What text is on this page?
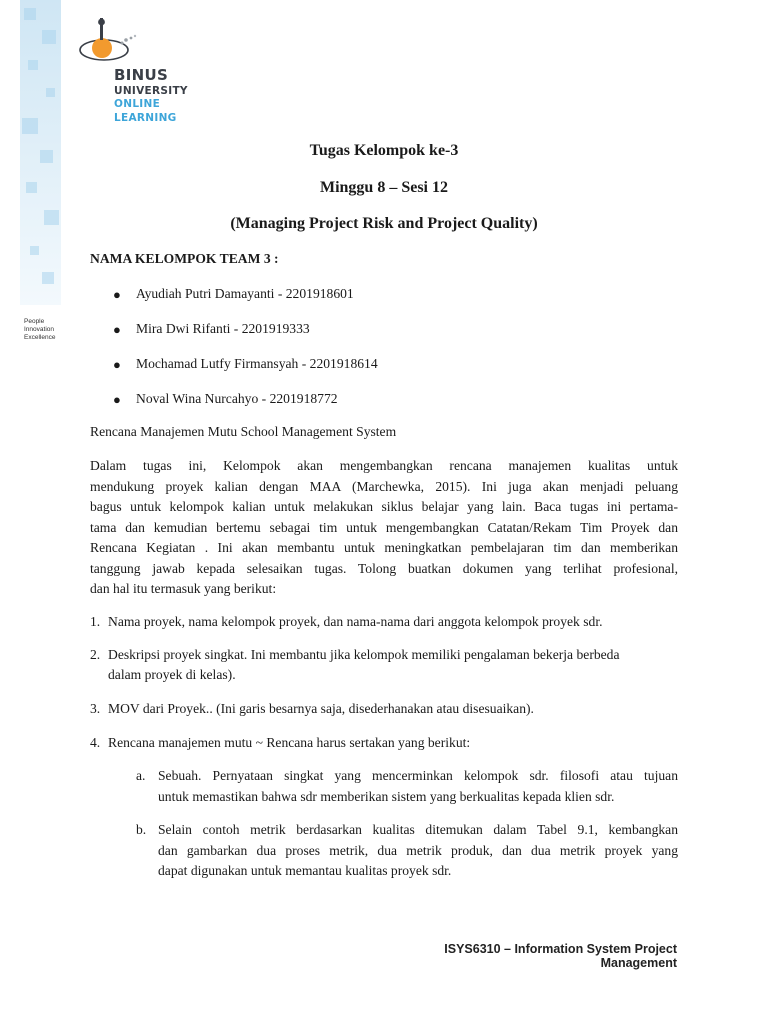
People
Innovation
Excellence
BINUS
UNIVERSITY
ONLINE
LEARNING
Tugas Kelompok ke-3
Minggu 8 – Sesi 12
(Managing Project Risk and Project Quality)
NAMA KELOMPOK TEAM 3 :
● Ayudiah Putri Damayanti - 2201918601
● Mira Dwi Rifanti - 2201919333
● Mochamad Lutfy Firmansyah - 2201918614
● Noval Wina Nurcahyo - 2201918772
Rencana Manajemen Mutu School Management System
Dalam tugas ini, Kelompok akan mengembangkan rencana manajemen kualitas untuk
mendukung proyek kalian dengan MAA (Marchewka, 2015). Ini juga akan menjadi peluang
bagus untuk kelompok kalian untuk melakukan siklus belajar yang lain. Baca tugas ini pertama-
tama dan kemudian bertemu sebagai tim untuk mengembangkan Catatan/Rekam Tim Proyek dan
Rencana Kegiatan . Ini akan membantu untuk meningkatkan pembelajaran tim dan memberikan
tanggung jawab kepada selesaikan tugas. Tolong buatkan dokumen yang terlihat profesional,
dan hal itu termasuk yang berikut:
1. Nama proyek, nama kelompok proyek, dan nama-nama dari anggota kelompok proyek sdr.
2. Deskripsi proyek singkat. Ini membantu jika kelompok memiliki pengalaman bekerja berbeda
dalam proyek di kelas).
3. MOV dari Proyek.. (Ini garis besarnya saja, disederhanakan atau disesuaikan).
4. Rencana manajemen mutu ~ Rencana harus sertakan yang berikut:
a. Sebuah. Pernyataan singkat yang mencerminkan kelompok sdr. filosofi atau tujuan
untuk memastikan bahwa sdr memberikan sistem yang berkualitas kepada klien sdr.
b. Selain contoh metrik berdasarkan kualitas ditemukan dalam Tabel 9.1, kembangkan
dan gambarkan dua proses metrik, dua metrik produk, dan dua metrik proyek yang
dapat digunakan untuk memantau kualitas proyek sdr.
ISYS6310 – Information System Project Management
